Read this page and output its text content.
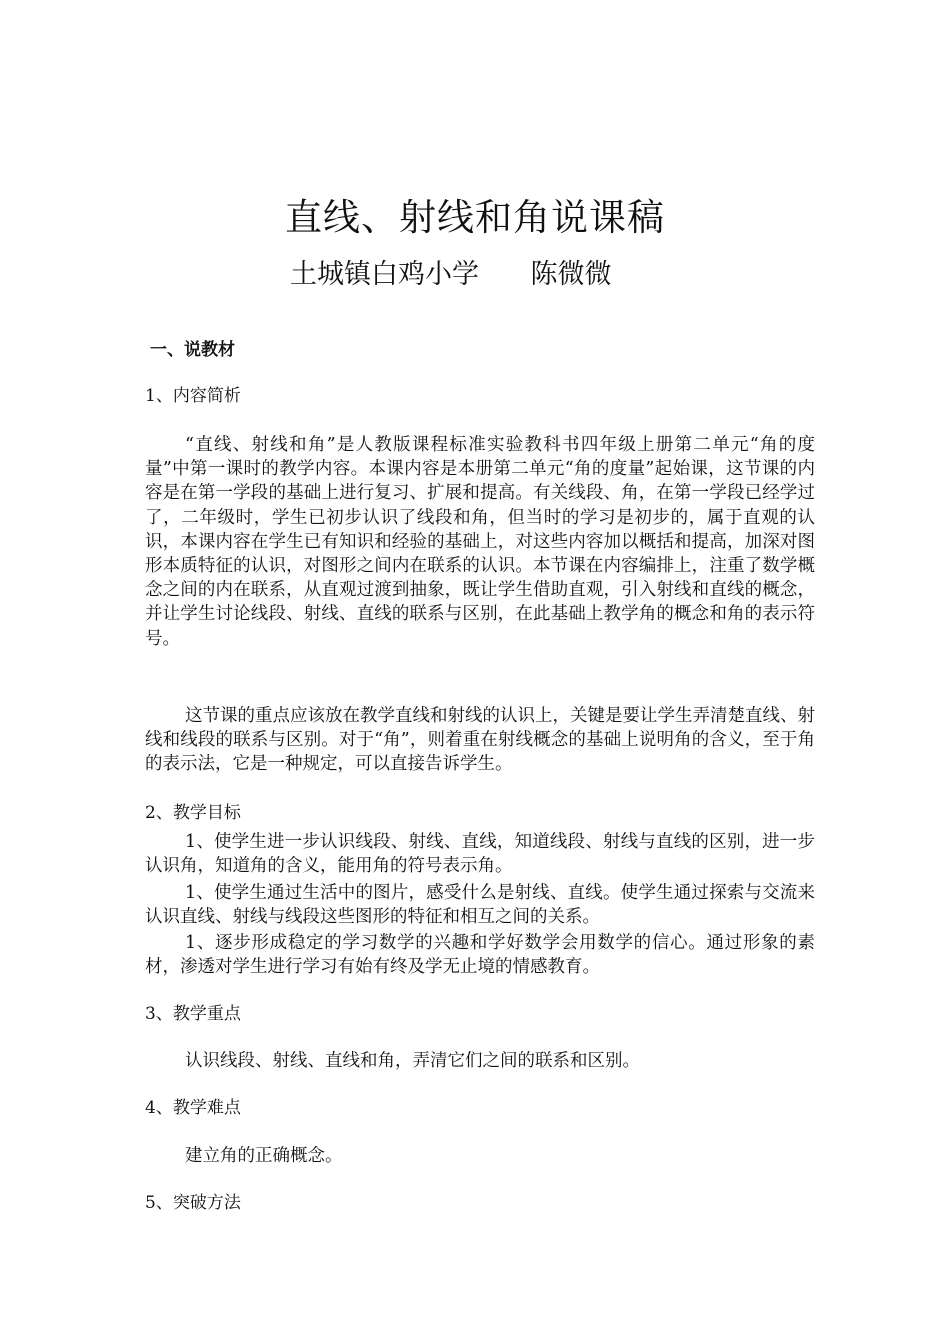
直线、射线和角说课稿
土城镇白鸡小学      陈微微
一、说教材
1、内容简析
“直线、射线和角”是人教版课程标准实验教科书四年级上册第二单元“角的度量”中第一课时的教学内容。本课内容是本册第二单元“角的度量”起始课，这节课的内容是在第一学段的基础上进行复习、扩展和提高。有关线段、角，在第一学段已经学过了，二年级时，学生已初步认识了线段和角，但当时的学习是初步的，属于直观的认识，本课内容在学生已有知识和经验的基础上，对这些内容加以概括和提高，加深对图形本质特征的认识，对图形之间内在联系的认识。本节课在内容编排上，注重了数学概念之间的内在联系，从直观过渡到抽象，既让学生借助直观，引入射线和直线的概念，并让学生讨论线段、射线、直线的联系与区别，在此基础上教学角的概念和角的表示符号。
这节课的重点应该放在教学直线和射线的认识上，关键是要让学生弄清楚直线、射线和线段的联系与区别。对于“角”，则着重在射线概念的基础上说明角的含义，至于角的表示法，它是一种规定，可以直接告诉学生。
2、教学目标
1、使学生进一步认识线段、射线、直线，知道线段、射线与直线的区别，进一步认识角，知道角的含义，能用角的符号表示角。
1、使学生通过生活中的图片，感受什么是射线、直线。使学生通过探索与交流来认识直线、射线与线段这些图形的特征和相互之间的关系。
1、逐步形成稳定的学习数学的兴趣和学好数学会用数学的信心。通过形象的素材，渗透对学生进行学习有始有终及学无止境的情感教育。
3、教学重点
认识线段、射线、直线和角，弄清它们之间的联系和区别。
4、教学难点
建立角的正确概念。
5、突破方法
